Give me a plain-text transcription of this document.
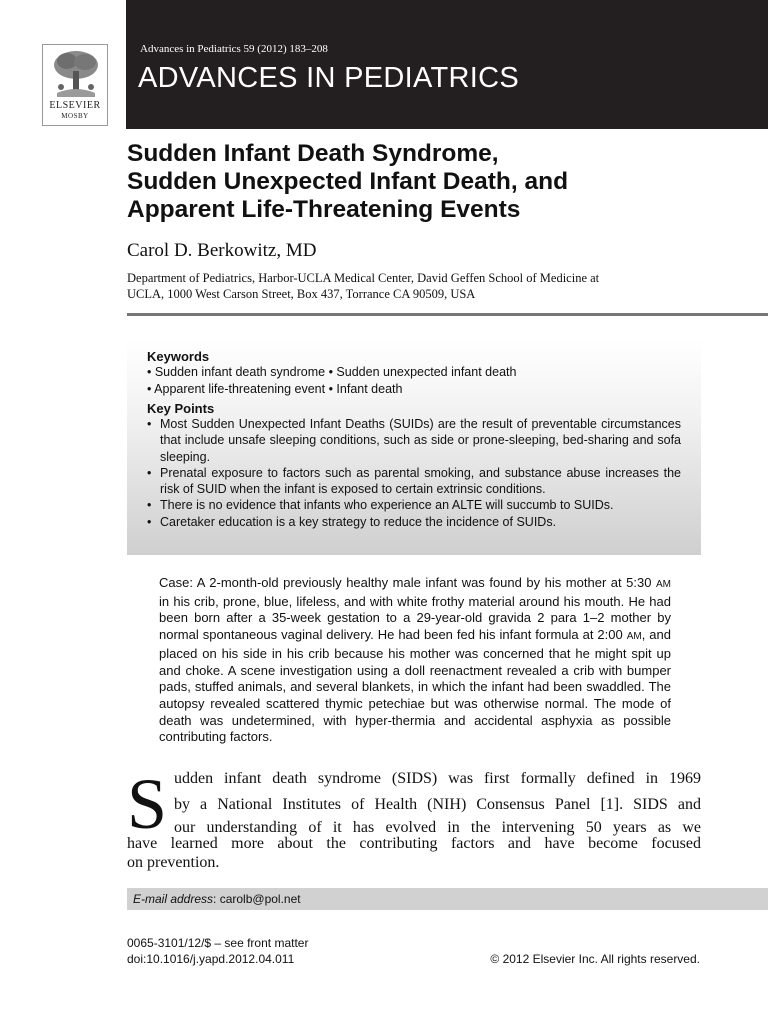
ELSEVIER
MOSBY
Advances in Pediatrics 59 (2012) 183–208
ADVANCES IN PEDIATRICS
Sudden Infant Death Syndrome,
Sudden Unexpected Infant Death, and
Apparent Life-Threatening Events
Carol D. Berkowitz, MD
Department of Pediatrics, Harbor-UCLA Medical Center, David Geffen School of Medicine at
UCLA, 1000 West Carson Street, Box 437, Torrance CA 90509, USA

Keywords

• Sudden infant death syndrome • Sudden unexpected infant death

• Apparent life-threatening event • Infant death

Key Points

• Most Sudden Unexpected Infant Deaths (SUIDs) are the result of preventable circumstances that include unsafe sleeping conditions, such as side or prone-sleeping, bed-sharing and sofa sleeping.
• Prenatal exposure to factors such as parental smoking, and substance abuse increases the risk of SUID when the infant is exposed to certain extrinsic conditions.
• There is no evidence that infants who experience an ALTE will succumb to SUIDs.
• Caretaker education is a key strategy to reduce the incidence of SUIDs.

Case: A 2-month-old previously healthy male infant was found by his mother at 5:30 AM in his crib, prone, blue, lifeless, and with white frothy material around his mouth. He had been born after a 35-week gestation to a 29-year-old gravida 2 para 1–2 mother by normal spontaneous vaginal delivery. He had been fed his infant formula at 2:00 AM, and placed on his side in his crib because his mother was concerned that he might spit up and choke. A scene investigation using a doll reenactment revealed a crib with bumper pads, stuffed animals, and several blankets, in which the infant had been swaddled. The autopsy revealed scattered thymic petechiae but was otherwise normal. The mode of death was undetermined, with hyper-thermia and accidental asphyxia as possible contributing factors.

S udden infant death syndrome (SIDS) was first formally defined in 1969

by a National Institutes of Health (NIH) Consensus Panel [1]. SIDS and

our understanding of it has evolved in the intervening 50 years as we

have learned more about the contributing factors and have become focused

on prevention.

E-mail address: carolb@pol.net
0065-3101/12/$ – see front matter
doi:10.1016/j.yapd.2012.04.011	© 2012 Elsevier Inc. All rights reserved.
